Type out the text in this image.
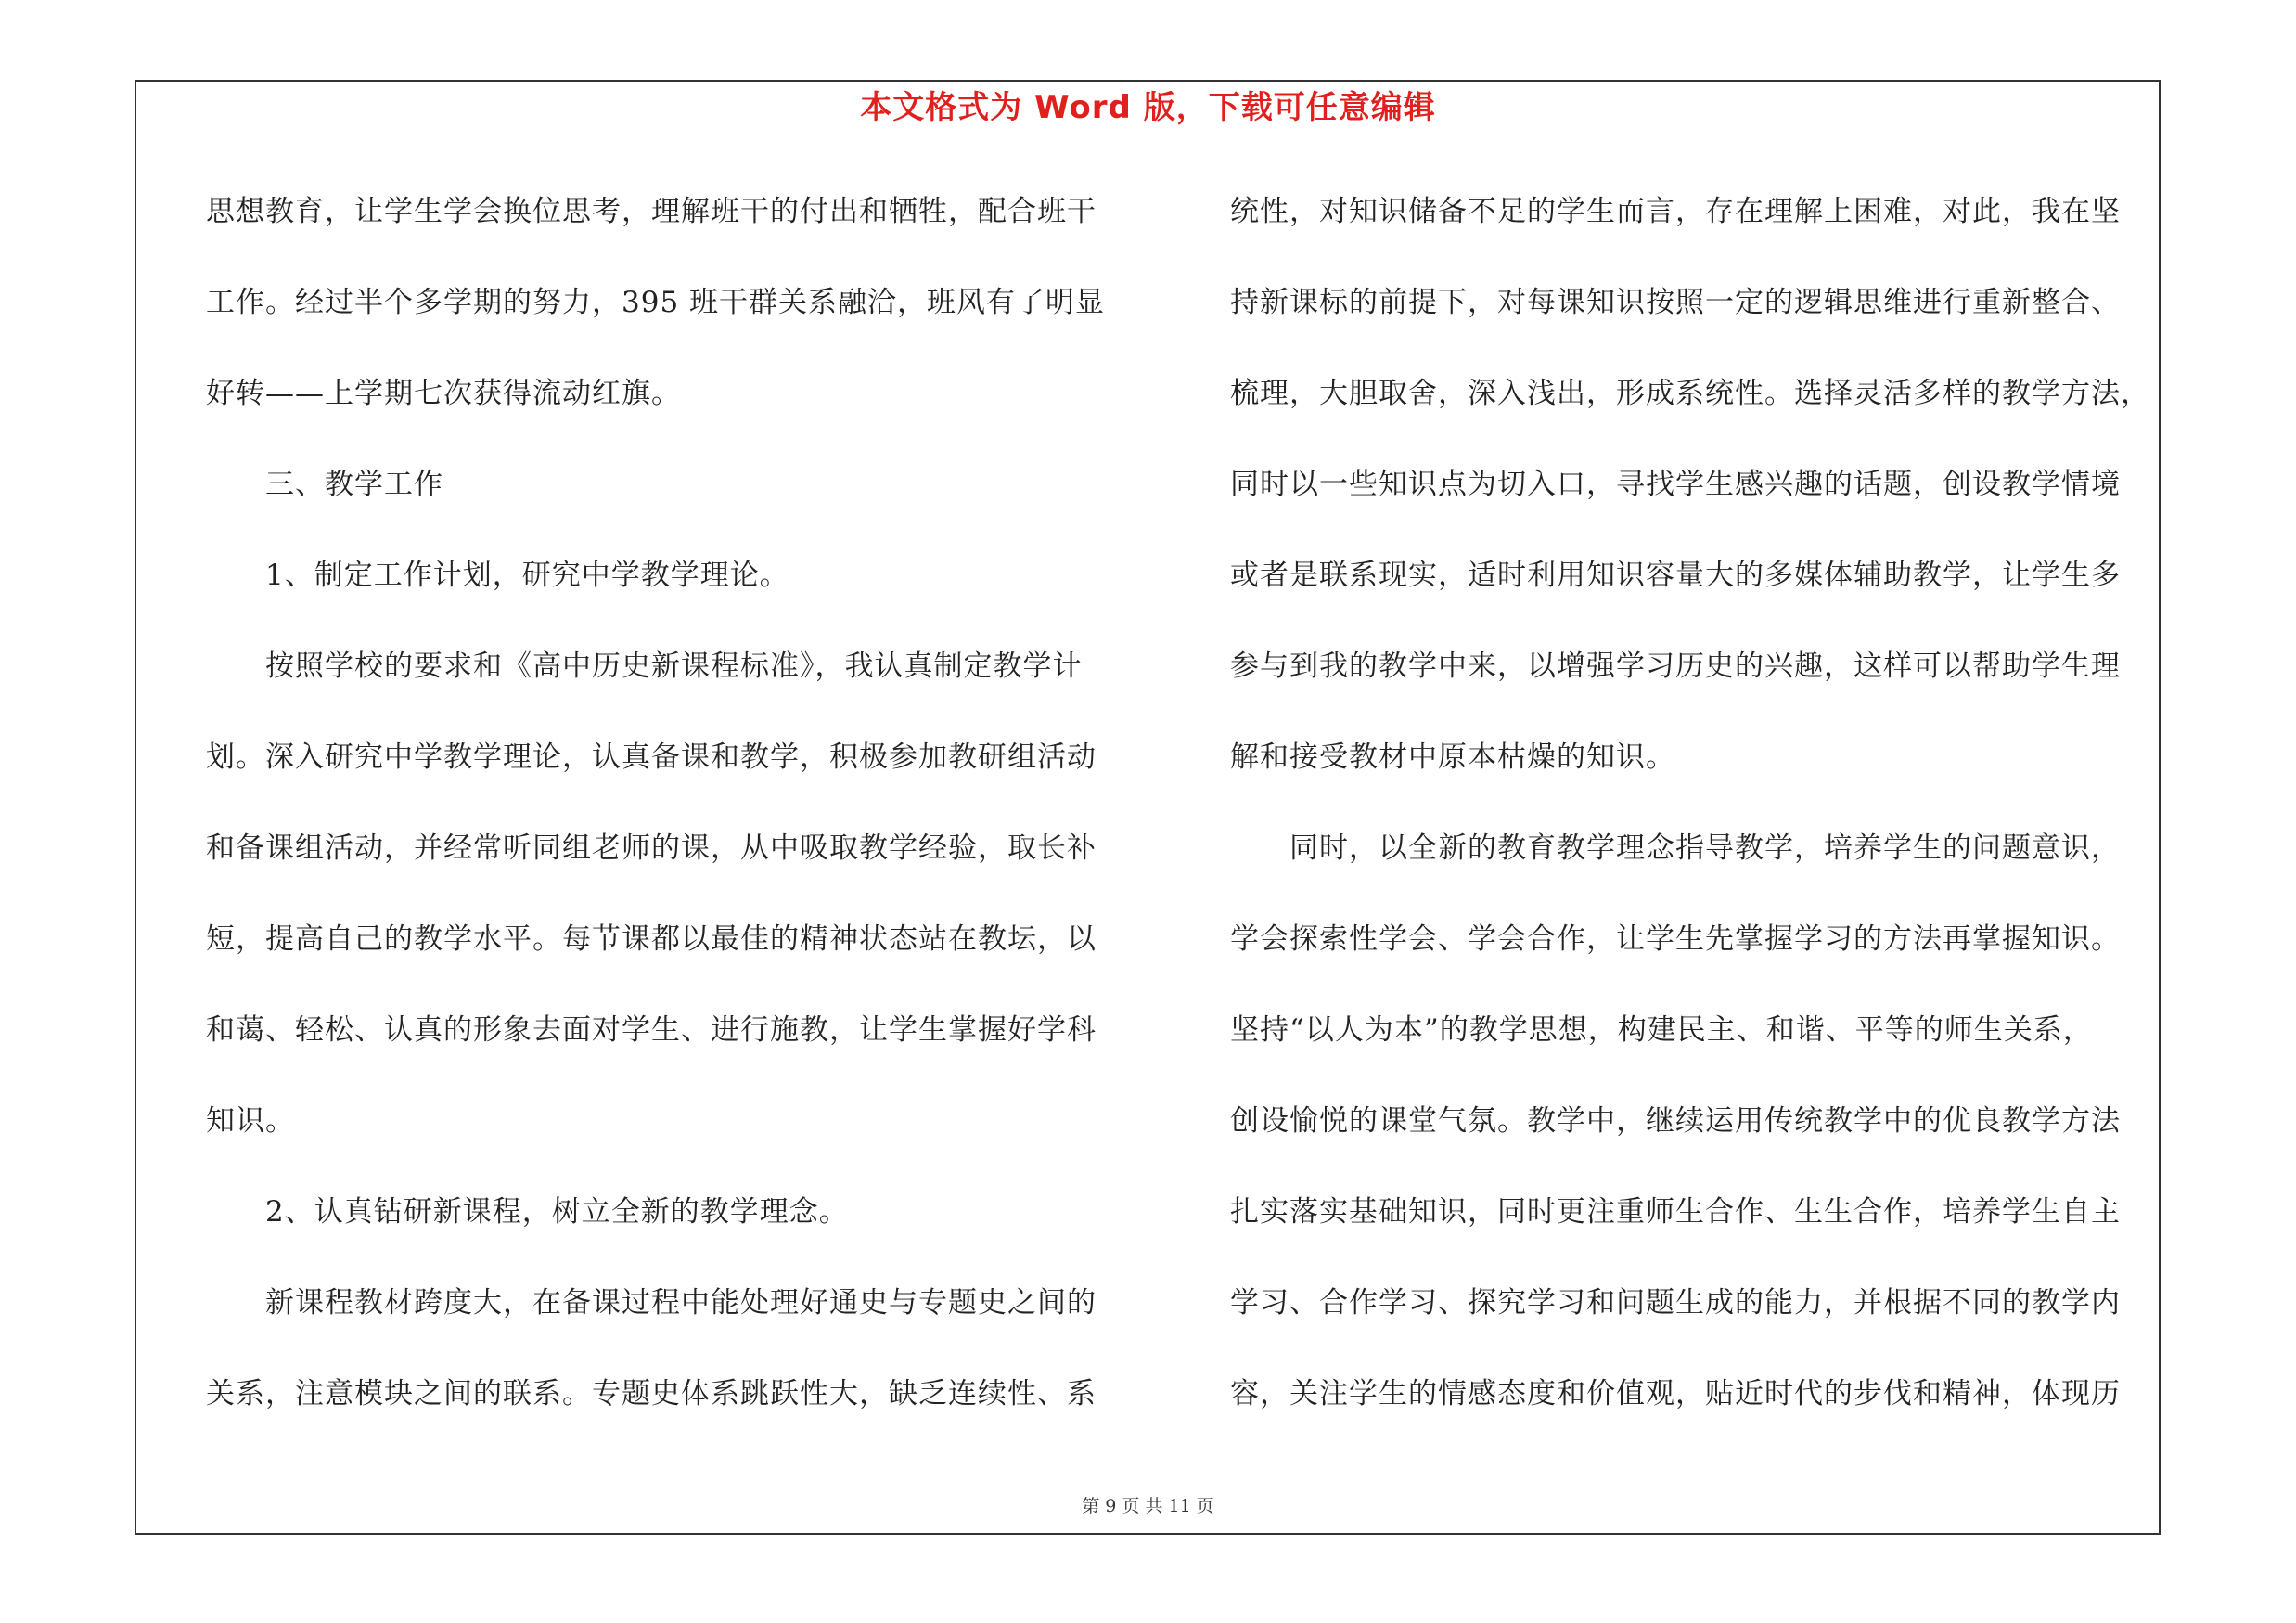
本文格式为 Word 版，下载可任意编辑
思想教育，让学生学会换位思考，理解班干的付出和牺牲，配合班干
工作。经过半个多学期的努力，395 班干群关系融洽，班风有了明显
好转——上学期七次获得流动红旗。
　　三、教学工作
　　1、制定工作计划，研究中学教学理论。
　　按照学校的要求和《高中历史新课程标准》，我认真制定教学计
划。深入研究中学教学理论，认真备课和教学，积极参加教研组活动
和备课组活动，并经常听同组老师的课，从中吸取教学经验，取长补
短，提高自己的教学水平。每节课都以最佳的精神状态站在教坛，以
和蔼、轻松、认真的形象去面对学生、进行施教，让学生掌握好学科
知识。
　　2、认真钻研新课程，树立全新的教学理念。
　　新课程教材跨度大，在备课过程中能处理好通史与专题史之间的
关系，注意模块之间的联系。专题史体系跳跃性大，缺乏连续性、系
统性，对知识储备不足的学生而言，存在理解上困难，对此，我在坚
持新课标的前提下，对每课知识按照一定的逻辑思维进行重新整合、
梳理，大胆取舍，深入浅出，形成系统性。选择灵活多样的教学方法，
同时以一些知识点为切入口，寻找学生感兴趣的话题，创设教学情境
或者是联系现实，适时利用知识容量大的多媒体辅助教学，让学生多
参与到我的教学中来，以增强学习历史的兴趣，这样可以帮助学生理
解和接受教材中原本枯燥的知识。
　　同时，以全新的教育教学理念指导教学，培养学生的问题意识，
学会探索性学会、学会合作，让学生先掌握学习的方法再掌握知识。
坚持“以人为本”的教学思想，构建民主、和谐、平等的师生关系，
创设愉悦的课堂气氛。教学中，继续运用传统教学中的优良教学方法
扎实落实基础知识，同时更注重师生合作、生生合作，培养学生自主
学习、合作学习、探究学习和问题生成的能力，并根据不同的教学内
容，关注学生的情感态度和价值观，贴近时代的步伐和精神，体现历
第 9 页 共 11 页
